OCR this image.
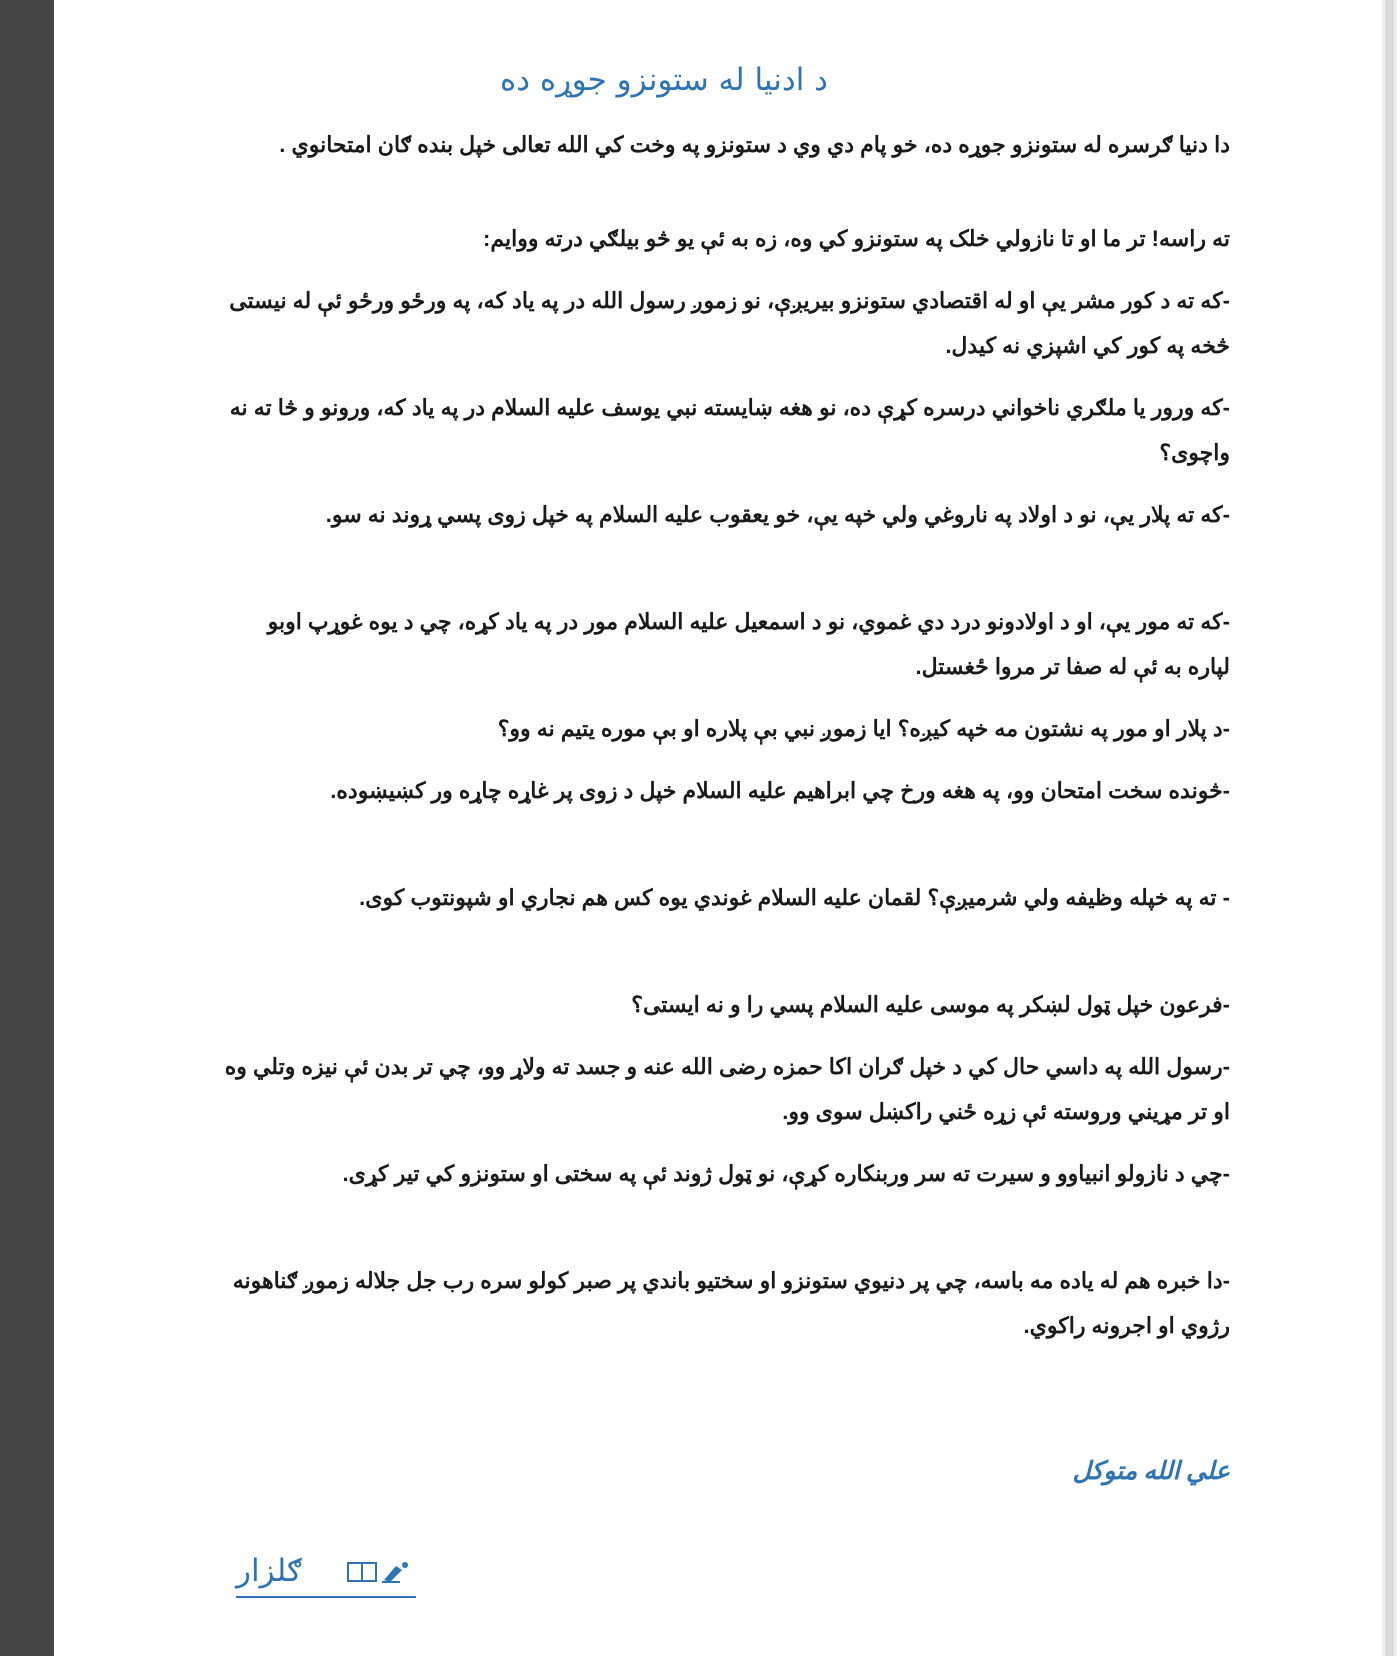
د ادنیا له ستونزو جوړه ده

دا دنیا ګرسره له ستونزو جوړه ده، خو پام دي وي د ستونزو په وخت کي الله تعالی خپل بنده ګان امتحانوي .

ته راسه! تر ما او تا نازولي خلک په ستونزو کي وه، زه به ئې یو څو بیلګي درته ووایم:

-که ته د کور مشر یې او له اقتصادي ستونزو بیریږې، نو زموږ رسول الله در په یاد که، په ورځو ورځو ئې له نیستی څخه په کور کي اشپزي نه کیدل.

-که ورور یا ملګري ناخواني درسره کړې ده، نو هغه ښایسته نبي یوسف علیه السلام در په یاد که، ورونو و څا ته نه واچوی؟

-که ته پلار یې، نو د اولاد په ناروغي ولي خپه یې، خو یعقوب علیه السلام په خپل زوی پسي ړوند نه سو.

-که ته مور یې، او د اولادونو درد دي غموي، نو د اسمعیل علیه السلام مور در په یاد کړه، چي د یوه غوړپ اوبو لپاره به ئې له صفا تر مروا ځغستل.

-د پلار او مور په نشتون مه خپه کیږه؟ ایا زموږ نبي بې پلاره او بې موره یتیم نه وو؟

-څونده سخت امتحان وو، په هغه ورخ چي ابراهیم علیه السلام خپل د زوی پر غاړه چاړه ور کښیښوده.

- ته په خپله وظیفه ولي شرمیږې؟ لقمان علیه السلام غوندي یوه کس هم نجاري او شپونتوب کوی.

-فرعون خپل ټول لښکر په موسی علیه السلام پسي را و نه ایستی؟

-رسول الله په داسي حال کي د خپل ګران اکا حمزه رضی الله عنه و جسد ته ولاړ وو، چي تر بدن ئې نیزه وتلي وه او تر مړیني وروسته ئې زړه ځني راکښل سوی وو.

-چي د نازولو انبیاوو و سیرت ته سر وربنکاره کړې، نو ټول ژوند ئې په سختی او ستونزو کي تیر کړی.

-دا خبره هم له یاده مه باسه، چي پر دنیوي ستونزو او سختیو باندي پر صبر کولو سره رب جل جلاله زموږ ګناهونه رژوي او اجرونه راکوي.

علي الله متوکل

ګلزار
